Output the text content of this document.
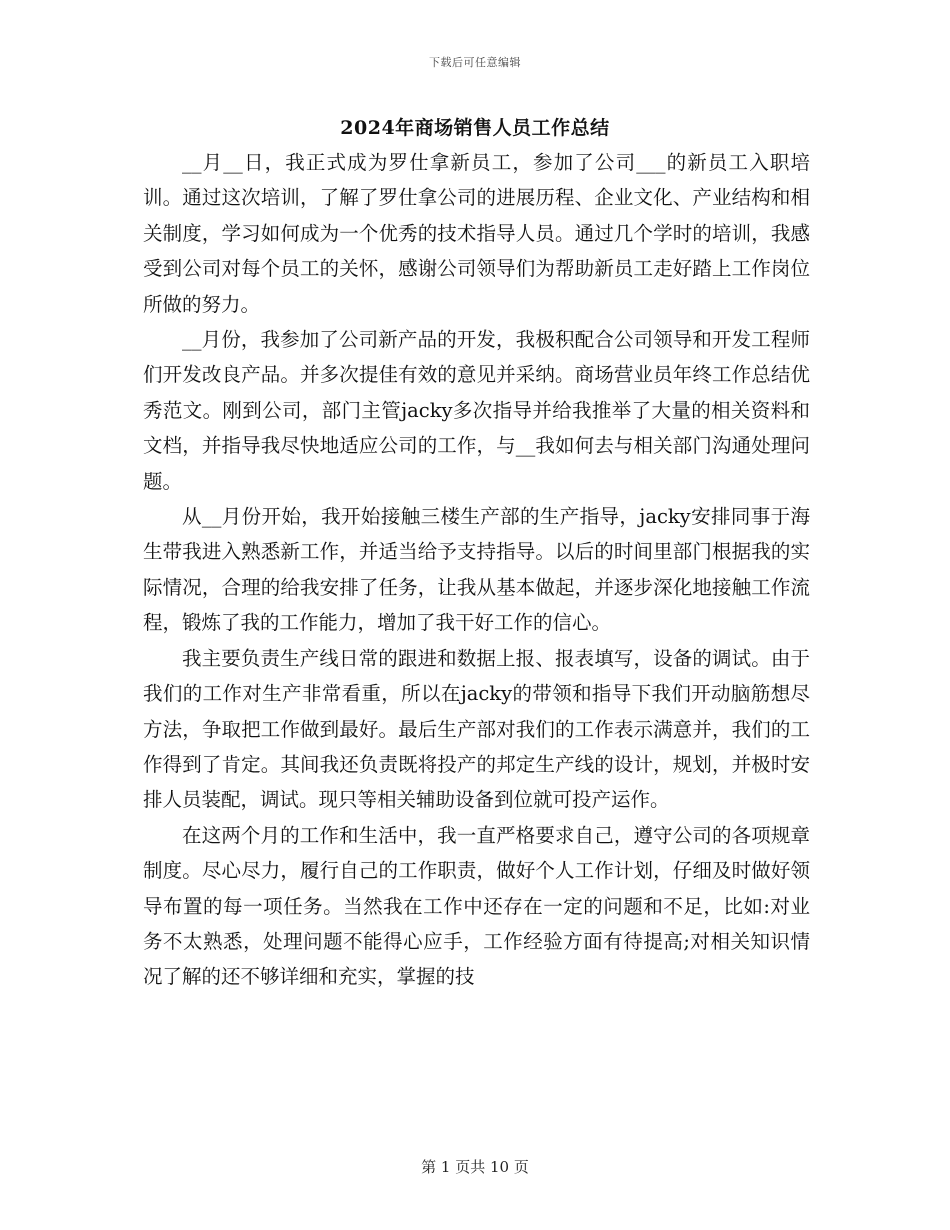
下载后可任意编辑
2024年商场销售人员工作总结

__月__日，我正式成为罗仕拿新员工，参加了公司___的新员工入职培训。通过这次培训，了解了罗仕拿公司的进展历程、企业文化、产业结构和相关制度，学习如何成为一个优秀的技术指导人员。通过几个学时的培训，我感受到公司对每个员工的关怀，感谢公司领导们为帮助新员工走好踏上工作岗位所做的努力。

__月份，我参加了公司新产品的开发，我极积配合公司领导和开发工程师们开发改良产品。并多次提佳有效的意见并采纳。商场营业员年终工作总结优秀范文。刚到公司，部门主管jacky多次指导并给我推举了大量的相关资料和文档，并指导我尽快地适应公司的工作，与__我如何去与相关部门沟通处理问题。

从__月份开始，我开始接触三楼生产部的生产指导，jacky安排同事于海生带我进入熟悉新工作，并适当给予支持指导。以后的时间里部门根据我的实际情况，合理的给我安排了任务，让我从基本做起，并逐步深化地接触工作流程，锻炼了我的工作能力，增加了我干好工作的信心。

我主要负责生产线日常的跟进和数据上报、报表填写，设备的调试。由于我们的工作对生产非常看重，所以在jacky的带领和指导下我们开动脑筋想尽方法，争取把工作做到最好。最后生产部对我们的工作表示满意并，我们的工作得到了肯定。其间我还负责既将投产的邦定生产线的设计，规划，并极时安排人员装配，调试。现只等相关辅助设备到位就可投产运作。

在这两个月的工作和生活中，我一直严格要求自己，遵守公司的各项规章制度。尽心尽力，履行自己的工作职责，做好个人工作计划，仔细及时做好领导布置的每一项任务。当然我在工作中还存在一定的问题和不足，比如:对业务不太熟悉，处理问题不能得心应手，工作经验方面有待提高;对相关知识情况了解的还不够详细和充实，掌握的技

第 1 页共 10 页
